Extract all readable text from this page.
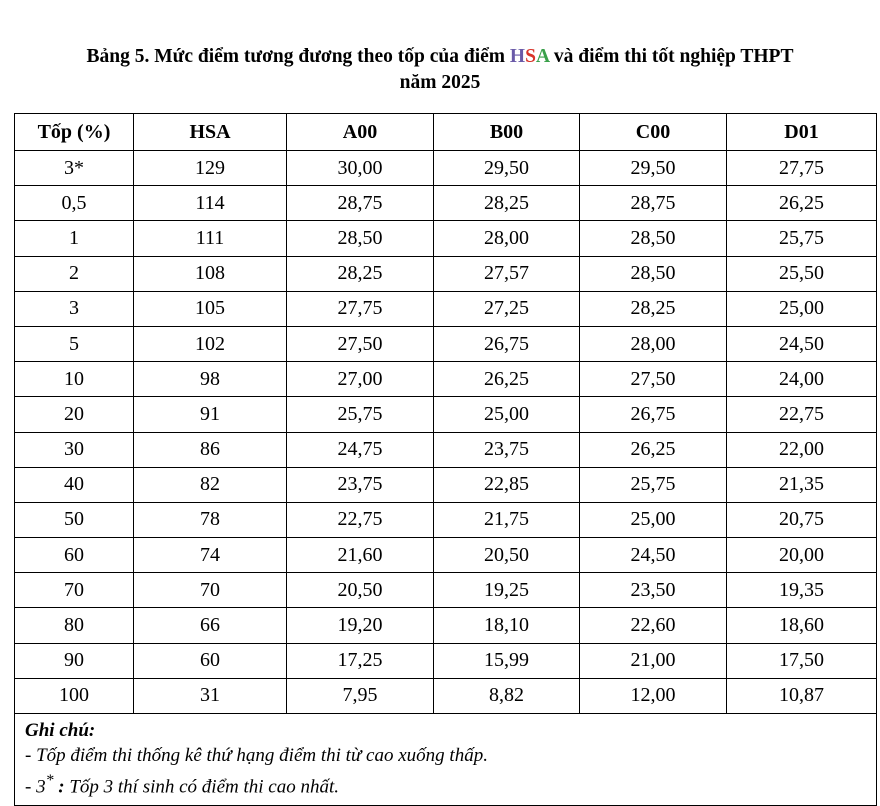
Bảng 5. Mức điểm tương đương theo tốp của điểm HSA và điểm thi tốt nghiệp THPT
năm 2025
Tốp (%)	HSA	A00	B00	C00	D01
3*	129	30,00	29,50	29,50	27,75
0,5	114	28,75	28,25	28,75	26,25
1	111	28,50	28,00	28,50	25,75
2	108	28,25	27,57	28,50	25,50
3	105	27,75	27,25	28,25	25,00
5	102	27,50	26,75	28,00	24,50
10	98	27,00	26,25	27,50	24,00
20	91	25,75	25,00	26,75	22,75
30	86	24,75	23,75	26,25	22,00
40	82	23,75	22,85	25,75	21,35
50	78	22,75	21,75	25,00	20,75
60	74	21,60	20,50	24,50	20,00
70	70	20,50	19,25	23,50	19,35
80	66	19,20	18,10	22,60	18,60
90	60	17,25	15,99	21,00	17,50
100	31	7,95	8,82	12,00	10,87

Ghi chú:
- Tốp điểm thi thống kê thứ hạng điểm thi từ cao xuống thấp.
- 3* : Tốp 3 thí sinh có điểm thi cao nhất.					
